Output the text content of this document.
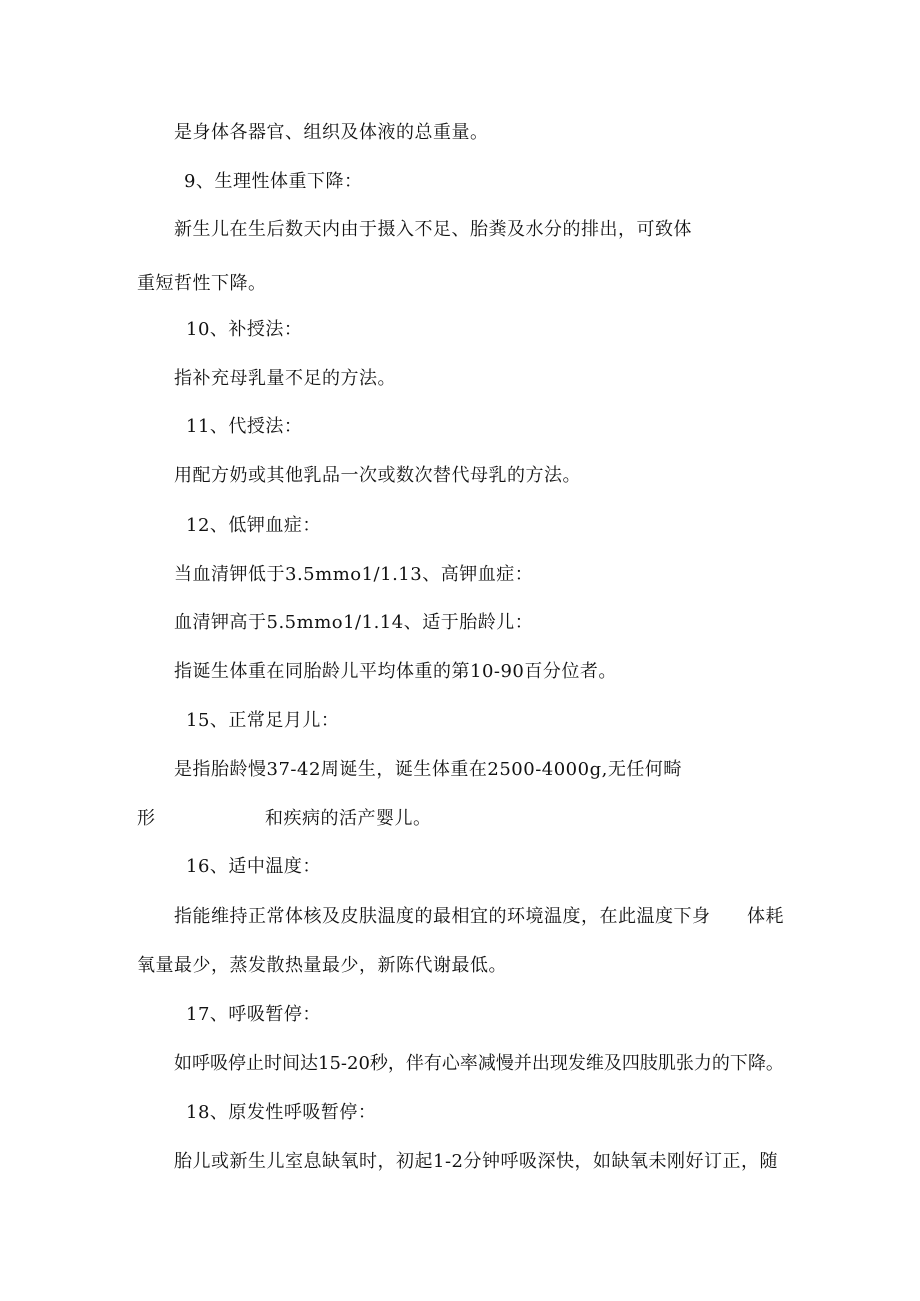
是身体各器官、组织及体液的总重量。
9、生理性体重下降：
新生儿在生后数天内由于摄入不足、胎粪及水分的排出，可致体
重短哲性下降。
10、补授法：
指补充母乳量不足的方法。
11、代授法：
用配方奶或其他乳品一次或数次替代母乳的方法。
12、低钾血症：
当血清钾低于3.5mmo1∕1.13、高钾血症：
血清钾高于5.5mmo1∕1.14、适于胎龄儿：
指诞生体重在同胎龄儿平均体重的第10-90百分位者。
15、正常足月儿：
是指胎龄慢37-42周诞生，诞生体重在2500-4000g,无任何畸
形	和疾病的活产婴儿。
16、适中温度：
指能维持正常体核及皮肤温度的最相宜的环境温度，在此温度下身 体耗
氧量最少，蒸发散热量最少，新陈代谢最低。
17、呼吸暂停：
如呼吸停止时间达15-20秒，伴有心率减慢并出现发维及四肢肌张力的下降。
18、原发性呼吸暂停：
胎儿或新生儿室息缺氧时，初起1-2分钟呼吸深快，如缺氧未刚好订正，随
